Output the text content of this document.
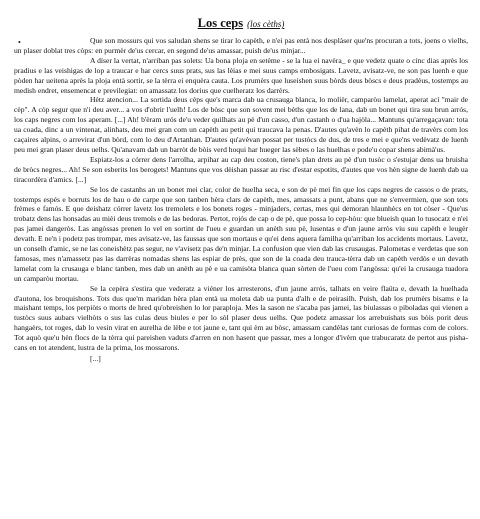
Los ceps (los cèths)
•	Que son mossurs qui vos saludan shens se tirar lo capèth, e n'ei pas entà nos desplàser que'ns procuran a tots, joens o vielhs, un plaser doblat tres còps: en purmèr de'us cercar, en segond de'us amassar, puish de'us minjar...

A díser la vertat, n'arriban pas solets: Ua bona ploja en setème - se la lua ei navèra_ e que vedetz quate o cinc dias après los pradius e las veishigas de lop a traucar e har cercs suus prats, sus las lèias e mei suus camps embosigats. Lavetz, avisatz-ve, ne son pas luenh e que pòden har ueitena après la ploja entà sortir, se la tèrra ei enquèra cauta. Los prumèrs que luseishen suus bòrds deus bòscs e deus pradèus, tostemps au medish endret, ensemencat e previlegiat: on amassatz los dorius que cuelheratz los darrèrs.

Hètz atencion... La sortida deus cèps que's marca dab ua crusauga blanca, lo molièr, camparòu lamelat, aperat ací "mair de cèp". A còp segur que n'i deu aver... a vos d'obrir l'uelh! Los de bòsc que son sovent mei bèths que los de lana, dab un bonet qui tira suu brun arrós, los caps negres com los aperam. [...] Ah! b'èram urós de'u veder quilhats au pè d'un casso, d'un castanh o d'ua hajòla... Mantuns qu'arregaçavan: tota ua coada, dinc a un vintenat, alinhats, deu mei gran com un capèth au petit qui traucava la penas. D'autes qu'avèn lo capèth pihat de travèrs com los caçaires alpins, o arrevirat d'un bòrd, com lo deu d'Artanhan. D'autes qu'avèvan possat per tustòcs de dus, de tres e mei e que'ns vedèvatz de luenh peu mei gran plaser deus uelhs. Qu'anavam dab un barròt de bòis verd hoqui har hueger las sèbes o las huelhas e pode'u copar shens abimà'us.

Espiatz-los a córrer dens l'arrolha, arpihar au cap deu coston, tiene's plan drets au pè d'un tusòc o s'estujar dens ua bruisha de bròcs negres... Ah! Se son esberits los berogets! Mantuns que vos dèishan passar au risc d'estar espotits, d'autes que vos hèn signe de luenh dab ua tiracordèra d'amics. [...]

Se los de castanhs an un bonet mei clar, color de huelha seca, e son de pè mei fin que los caps negres de cassos o de prats, tostemps espés e borruts los de hau o de carpe que son tanben hèra clars de capèth, mes, amassats a punt, abans que ne s'envermien, que son tots frèmes e famós. E que deishatz córrer lavetz los tremolets e los bonets roges - minjaders, certas, mes qui demoran hlaunhècs en tot còser - Que'us trobatz dens las honsadas au mièi deus tremols e de las bedoras. Pertot, rojós de cap o de pè, que possa lo cep-hòu: que blueish quan lo tusocatz e n'ei pas jamei dangeròs. Las angòssas prenen lo vel en sortint de l'ueu e guardan un anèth suu pè, lusentas e d'un jaune arròs viu suu capèth e leugèr devath. E ne'n i podetz pas trompar, mes avisatz-ve, las faussas que son mortaus e qu'ei dens aquera familha qu'arriban los accidents mortaus. Lavetz, un conselh d'amic, se ne las coneishètz pas segur, ne v'avisetz pas de'n minjar. La confusion que vien dab las crusaugas. Palometas e verdetas que son famosas, mes n'amassetz pas las darrèras nomadas shens las espiar de près, que son de la coada deu trauca-tèrra dab un capèth verdòs e un devath lamelat com la crusauga e blanc tanben, mes dab un anèth au pè e ua camisòta blanca quan sòrten de l'ueu com l'angòssa: qu'ei la crusauga tuadora un camparòu mortau.

Se la cepèra s'estira que vederatz a viéner los arresterons, d'un jaune arrós, talhats en veire flaüta e, devath la huelhada d'autona, los broquishons. Tots dus que'm maridan hèra plan entà ua moleta dab ua punta d'alh e de peirasilh. Puish, dab los prumèrs bisams e la maishant temps, los perpiòts o morts de hred qu'obreishen lo lor paraploja. Mes la sason ne s'acaba pas jamei, las biulassas o piboladas qui vienen a tustòcs suus aubars vielhòts o sus las culas deus biules e per lo sòl plaser deus uelhs. Que podetz amassar los arrebuishats sus bòis porit deus hangaèrs, tot roges, dab lo vesin virat en aurelha de lèbe e tot jaune e, tant qui èm au bòsc, amassam candèlas tant curiosas de formas com de colors. Tot aquò que'u hèn flocs de la tèrra qui pareishen vaduts d'arren en non hasent que passar, mes a longor d'ivèrn que trabucaratz de pertot aus pisha-cans en tot atendent, lustra de la prima, los mossarons.

[...]
